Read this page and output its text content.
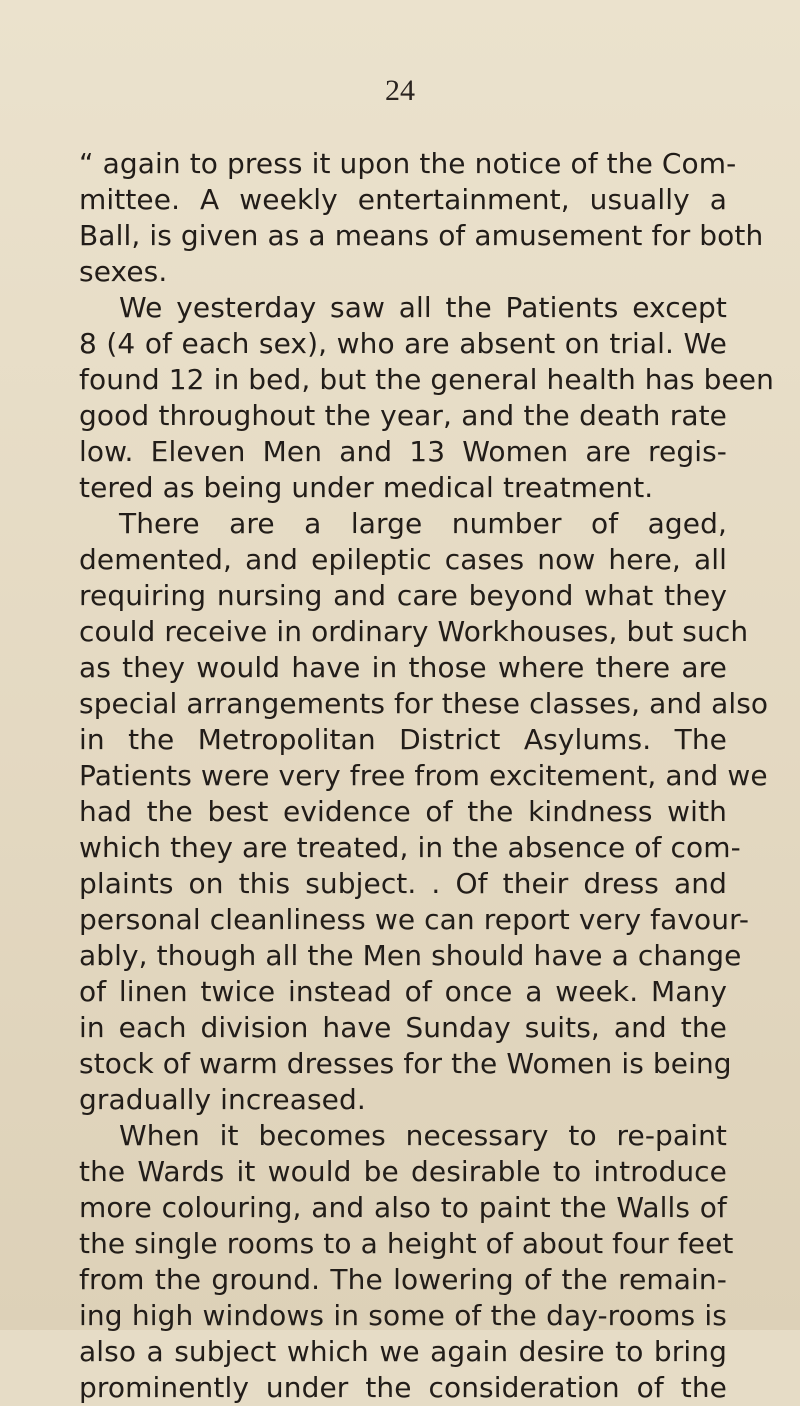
24

“ again to press it upon the notice of the Com-
mittee. A weekly entertainment, usually a
Ball, is given as a means of amusement for both
sexes.

We yesterday saw all the Patients except
8 (4 of each sex), who are absent on trial. We
found 12 in bed, but the general health has been
good throughout the year, and the death rate
low. Eleven Men and 13 Women are regis-
tered as being under medical treatment.

There are a large number of aged,
demented, and epileptic cases now here, all
requiring nursing and care beyond what they
could receive in ordinary Workhouses, but such
as they would have in those where there are
special arrangements for these classes, and also
in the Metropolitan District Asylums. The
Patients were very free from excitement, and we
had the best evidence of the kindness with
which they are treated, in the absence of com-
plaints on this subject. . Of their dress and
personal cleanliness we can report very favour-
ably, though all the Men should have a change
of linen twice instead of once a week. Many
in each division have Sunday suits, and the
stock of warm dresses for the Women is being
gradually increased.

When it becomes necessary to re-paint
the Wards it would be desirable to introduce
more colouring, and also to paint the Walls of
the single rooms to a height of about four feet
from the ground. The lowering of the remain-
ing high windows in some of the day-rooms is
also a subject which we again desire to bring
prominently under the consideration of the
